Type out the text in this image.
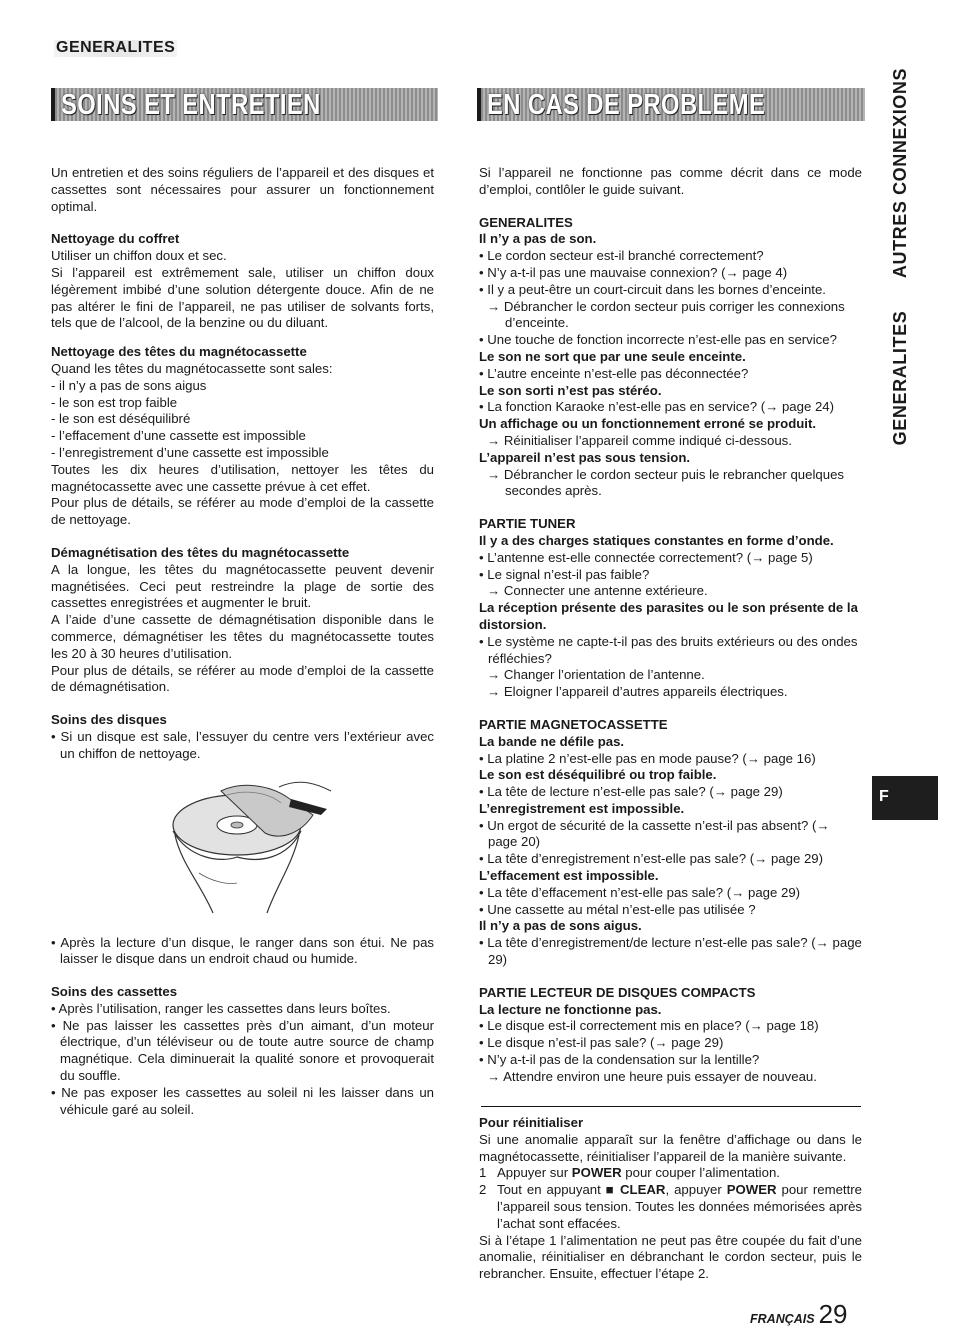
GENERALITES
SOINS ET ENTRETIEN	EN CAS DE PROBLEME

Un entretien et des soins réguliers de l’appareil et des disques et cassettes sont nécessaires pour assurer un fonctionnement optimal.

Nettoyage du coffret

Utiliser un chiffon doux et sec.

Si l’appareil est extrêmement sale, utiliser un chiffon doux légèrement imbibé d’une solution détergente douce. Afin de ne pas altérer le fini de l’appareil, ne pas utiliser de solvants forts, tels que de l’alcool, de la benzine ou du diluant.

Nettoyage des têtes du magnétocassette

Quand les têtes du magnétocassette sont sales:

- il n’y a pas de sons aigus

- le son est trop faible

- le son est déséquilibré

- l’effacement d’une cassette est impossible

- l’enregistrement d’une cassette est impossible

Toutes les dix heures d’utilisation, nettoyer les têtes du magnétocassette avec une cassette prévue à cet effet.

Pour plus de détails, se référer au mode d’emploi de la cassette de nettoyage.

Démagnétisation des têtes du magnétocassette

A la longue, les têtes du magnétocassette peuvent devenir magnétisées. Ceci peut restreindre la plage de sortie des cassettes enregistrées et augmenter le bruit.

A l’aide d’une cassette de démagnétisation disponible dans le commerce, démagnétiser les têtes du magnétocassette toutes les 20 à 30 heures d’utilisation.

Pour plus de détails, se référer au mode d’emploi de la cassette de démagnétisation.

Soins des disques

• Si un disque est sale, l’essuyer du centre vers l’extérieur avec un chiffon de nettoyage.

• Après la lecture d’un disque, le ranger dans son étui. Ne pas laisser le disque dans un endroit chaud ou humide.

Soins des cassettes

• Après l’utilisation, ranger les cassettes dans leurs boîtes.

• Ne pas laisser les cassettes près d’un aimant, d’un moteur électrique, d’un téléviseur ou de toute autre source de champ magnétique. Cela diminuerait la qualité sonore et provoquerait du souffle.

• Ne pas exposer les cassettes au soleil ni les laisser dans un véhicule garé au soleil.

Si l’appareil ne fonctionne pas comme décrit dans ce mode d’emploi, contlôler le guide suivant.

GENERALITES

Il n’y a pas de son.

• Le cordon secteur est-il branché correctement?

• N’y a-t-il pas une mauvaise connexion? (→ page 4)

• Il y a peut-être un court-circuit dans les bornes d’enceinte.

→ Débrancher le cordon secteur puis corriger les connexions d’enceinte.

• Une touche de fonction incorrecte n’est-elle pas en service?

Le son ne sort que par une seule enceinte.

• L’autre enceinte n’est-elle pas déconnectée?

Le son sorti n’est pas stéréo.

• La fonction Karaoke n’est-elle pas en service? (→ page 24)

Un affichage ou un fonctionnement erroné se produit.

→ Réinitialiser l’appareil comme indiqué ci-dessous.

L’appareil n’est pas sous tension.

→ Débrancher le cordon secteur puis le rebrancher quelques secondes après.

PARTIE TUNER

Il y a des charges statiques constantes en forme d’onde.

• L’antenne est-elle connectée correctement? (→ page 5)

• Le signal n’est-il pas faible?

→ Connecter une antenne extérieure.

La réception présente des parasites ou le son présente de la distorsion.

• Le système ne capte-t-il pas des bruits extérieurs ou des ondes réfléchies?

→ Changer l’orientation de l’antenne.

→ Eloigner l’appareil d’autres appareils électriques.

PARTIE MAGNETOCASSETTE

La bande ne défile pas.

• La platine 2 n’est-elle pas en mode pause? (→ page 16)

Le son est déséquilibré ou trop faible.

• La tête de lecture n’est-elle pas sale? (→ page 29)

L’enregistrement est impossible.

• Un ergot de sécurité de la cassette n’est-il pas absent? (→ page 20)

• La tête d’enregistrement n’est-elle pas sale? (→ page 29)

L’effacement est impossible.

• La tête d’effacement n’est-elle pas sale? (→ page 29)

• Une cassette au métal n’est-elle pas utilisée ?

Il n’y a pas de sons aigus.

• La tête d’enregistrement/de lecture n’est-elle pas sale? (→ page 29)

PARTIE LECTEUR DE DISQUES COMPACTS

La lecture ne fonctionne pas.

• Le disque est-il correctement mis en place? (→ page 18)

• Le disque n’est-il pas sale? (→ page 29)

• N’y a-t-il pas de la condensation sur la lentille?

→ Attendre environ une heure puis essayer de nouveau.

Pour réinitialiser

Si une anomalie apparaît sur la fenêtre d’affichage ou dans le magnétocassette, réinitialiser l’appareil de la manière suivante.

1 Appuyer sur POWER pour couper l’alimentation.

2 Tout en appuyant ■ CLEAR, appuyer POWER pour remettre l’appareil sous tension. Toutes les données mémorisées après l’achat sont effacées.

Si à l’étape 1 l’alimentation ne peut pas être coupée du fait d’une anomalie, réinitialiser en débranchant le cordon secteur, puis le rebrancher. Ensuite, effectuer l’étape 2.

AUTRES CONNEXIONS
GENERALITES
F
FRANÇAIS 29
